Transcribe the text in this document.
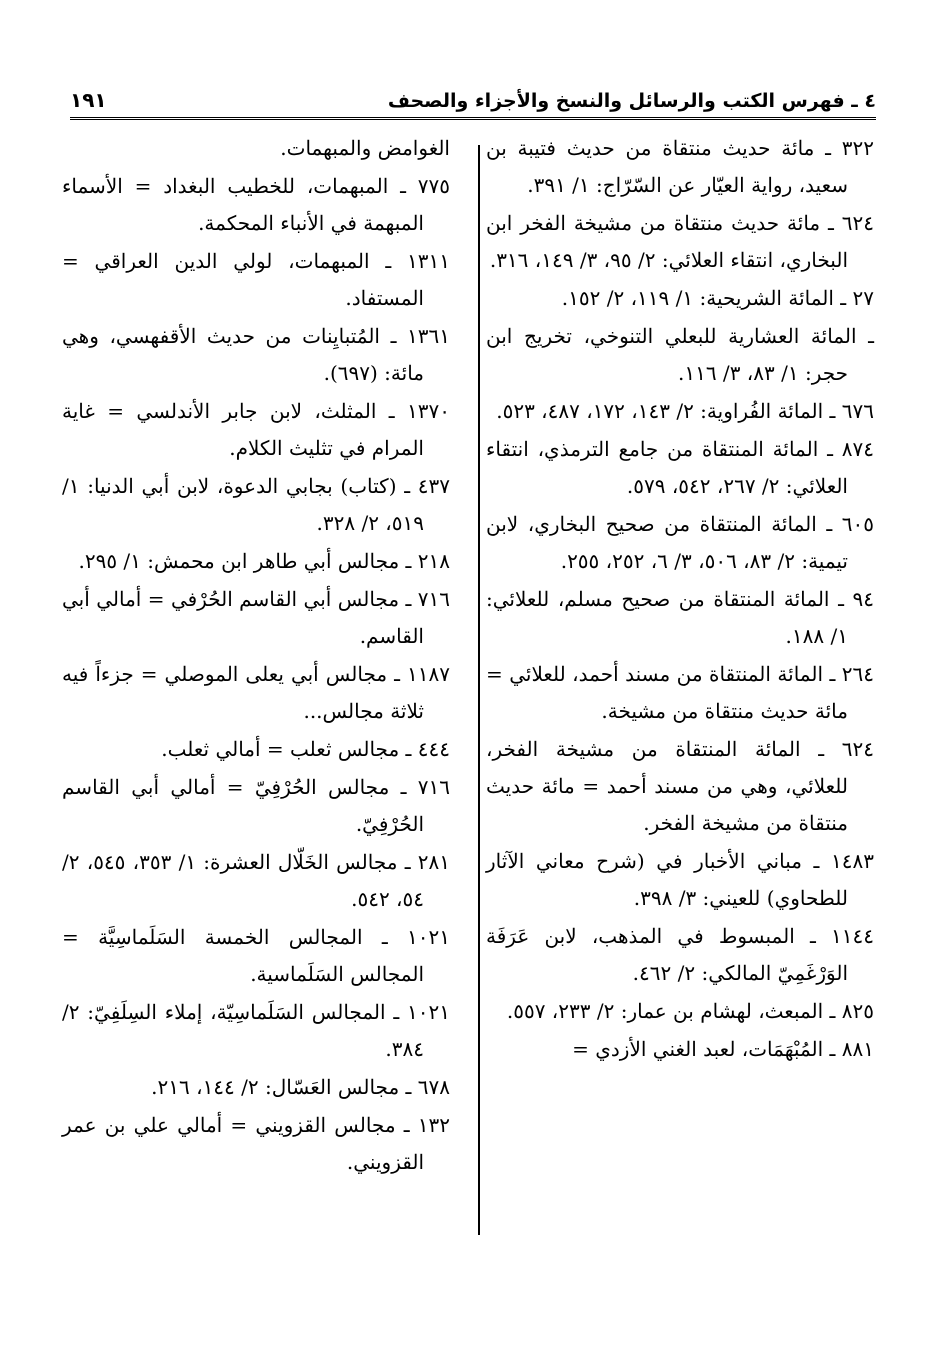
١٩١	٤ ـ فهرس الكتب والرسائل والنسخ والأجزاء والصحف

٣٢٢ ـ مائة حديث منتقاة من حديث فتيبة بن سعيد، رواية العيّار عن السّرّاج: ١/ ٣٩١.

٦٢٤ ـ مائة حديث منتقاة من مشيخة الفخر ابن البخاري، انتقاء العلائي: ٢/ ٩٥، ٣/ ١٤٩، ٣١٦.

٢٧ ـ المائة الشريحية: ١/ ١١٩، ٢/ ١٥٢.

ـ المائة العشارية للبعلي التنوخي، تخريج ابن حجر: ١/ ٨٣، ٣/ ١١٦.

٦٧٦ ـ المائة الفُراوية: ٢/ ١٤٣، ١٧٢، ٤٨٧، ٥٢٣.

٨٧٤ ـ المائة المنتقاة من جامع الترمذي، انتقاء العلائي: ٢/ ٢٦٧، ٥٤٢، ٥٧٩.

٦٠٥ ـ المائة المنتقاة من صحيح البخاري، لابن تيمية: ٢/ ٨٣، ٥٠٦، ٣/ ٦، ٢٥٢، ٢٥٥.

٩٤ ـ المائة المنتقاة من صحيح مسلم، للعلائي: ١/ ١٨٨.

٢٦٤ ـ المائة المنتقاة من مسند أحمد، للعلائي = مائة حديث منتقاة من مشيخة.

٦٢٤ ـ المائة المنتقاة من مشيخة الفخر، للعلائي، وهي من مسند أحمد = مائة حديث منتقاة من مشيخة الفخر.

١٤٨٣ ـ مباني الأخبار في (شرح معاني الآثار للطحاوي) للعيني: ٣/ ٣٩٨.

١١٤٤ ـ المبسوط في المذهب، لابن عَرَفَة الوَرْغَمِيّ المالكي: ٢/ ٤٦٢.

٨٢٥ ـ المبعث، لهشام بن عمار: ٢/ ٢٣٣، ٥٥٧.

٨٨١ ـ المُبْهَمَات، لعبد الغني الأزدي =

الغوامض والمبهمات.

٧٧٥ ـ المبهمات، للخطيب البغداد = الأسماء المبهمة في الأنباء المحكمة.

١٣١١ ـ المبهمات، لولي الدين العراقي = المستفاد.

١٣٦١ ـ المُتبايِنات من حديث الأقفهسي، وهي مائة: (٦٩٧).

١٣٧٠ ـ المثلث، لابن جابر الأندلسي = غاية المرام في تثليث الكلام.

٤٣٧ ـ (كتاب) بجابي الدعوة، لابن أبي الدنيا: ١/ ٥١٩، ٢/ ٣٢٨.

٢١٨ ـ مجالس أبي طاهر ابن محمش: ١/ ٢٩٥.

٧١٦ ـ مجالس أبي القاسم الحُرْفي = أمالي أبي القاسم.

١١٨٧ ـ مجالس أبي يعلى الموصلي = جزءاً فيه ثلاثة مجالس...

٤٤٤ ـ مجالس ثعلب = أمالي ثعلب.

٧١٦ ـ مجالس الحُرْفِيّ = أمالي أبي القاسم الحُرْفِيّ.

٢٨١ ـ مجالس الخَلّال العشرة: ١/ ٣٥٣، ٥٤٥، ٢/ ٥٤، ٥٤٢.

١٠٢١ ـ المجالس الخمسة السَلَماسِيَّة = المجالس السَلَماسية.

١٠٢١ ـ المجالس السَلَماسِيّة، إملاء السِلَفِيّ: ٢/ ٣٨٤.

٦٧٨ ـ مجالس العَسّال: ٢/ ١٤٤، ٢١٦.

١٣٢ ـ مجالس القزويني = أمالي علي بن عمر القزويني.
